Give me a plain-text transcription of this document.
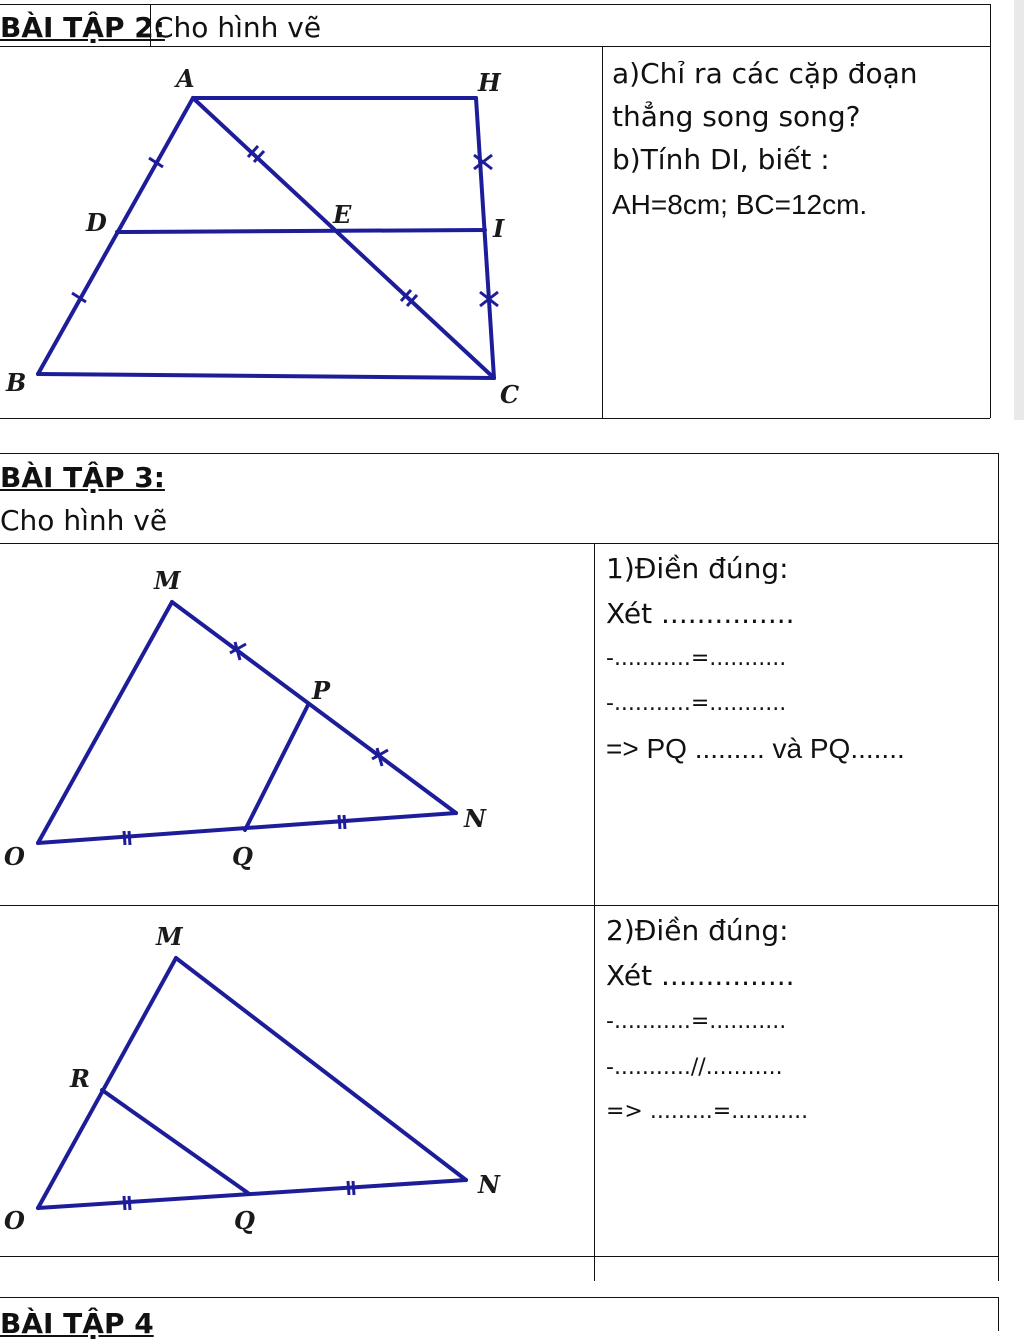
BÀI TẬP 2:
Cho hình vẽ
a)Chỉ ra các cặp đoạn
thẳng song song?
b)Tính DI, biết :
AH=8cm; BC=12cm.
A	H
D	E	I
B	C
BÀI TẬP 3:
Cho hình vẽ
1)Điền đúng:
Xét ...............
-...........=...........
-...........=...........
=> PQ ......... và PQ.......
2)Điền đúng:
Xét ...............
-...........=...........
-...........//...........
=> .........=...........
M
P
N
O	Q
M
R
N
O	Q
BÀI TẬP 4
